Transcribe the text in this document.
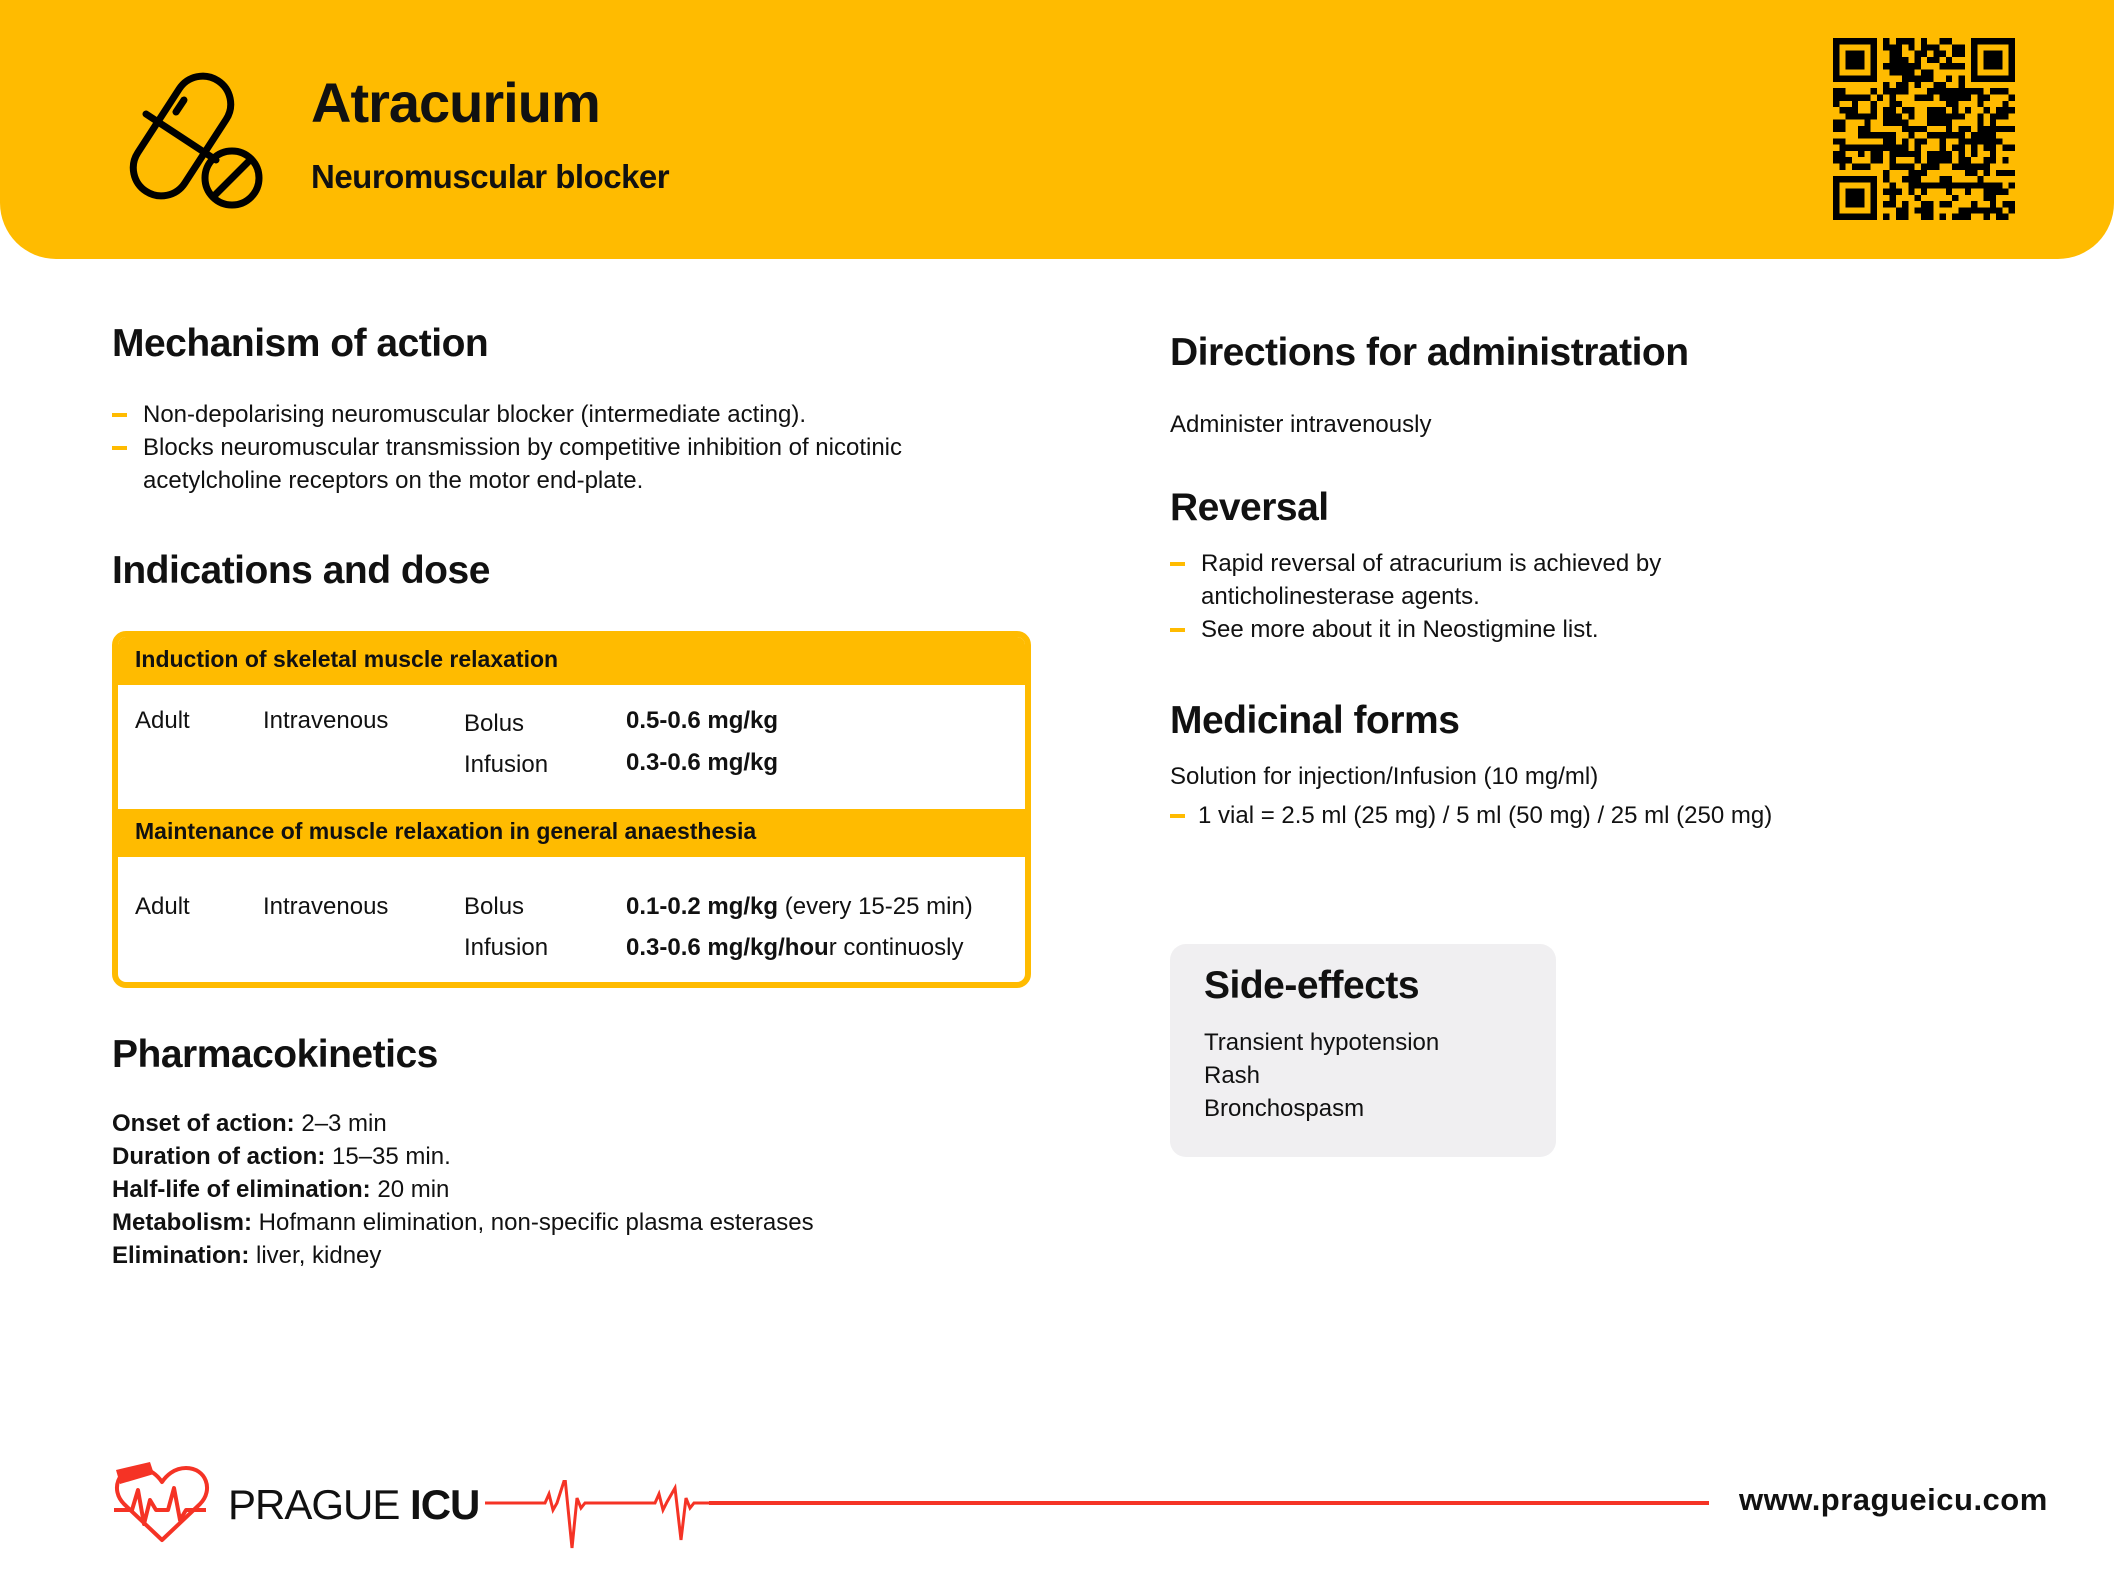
Atracurium
Neuromuscular blocker
Mechanism of action
Non-depolarising neuromuscular blocker (intermediate acting).
Blocks neuromuscular transmission by competitive inhibition of nicotinic
acetylcholine receptors on the motor end-plate.
Indications and dose
Induction of skeletal muscle relaxation
Adult	Intravenous	Bolus	0.5-0.6 mg/kg
Infusion	0.3-0.6 mg/kg
Maintenance of muscle relaxation in general anaesthesia
Adult	Intravenous	Bolus	0.1-0.2 mg/kg (every 15-25 min)
Infusion	0.3-0.6 mg/kg/hour continuosly
Pharmacokinetics
Onset of action: 2–3 min
Duration of action: 15–35 min.
Half-life of elimination: 20 min
Metabolism: Hofmann elimination, non-specific plasma esterases
Elimination: liver, kidney
Directions for administration
Administer intravenously
Reversal
Rapid reversal of atracurium is achieved by
anticholinesterase agents.
See more about it in Neostigmine list.
Medicinal forms
Solution for injection/Infusion (10 mg/ml)
1 vial = 2.5 ml (25 mg) / 5 ml (50 mg) / 25 ml (250 mg)
Side-effects
Transient hypotension
Rash
Bronchospasm
PRAGUE ICU	www.pragueicu.com
